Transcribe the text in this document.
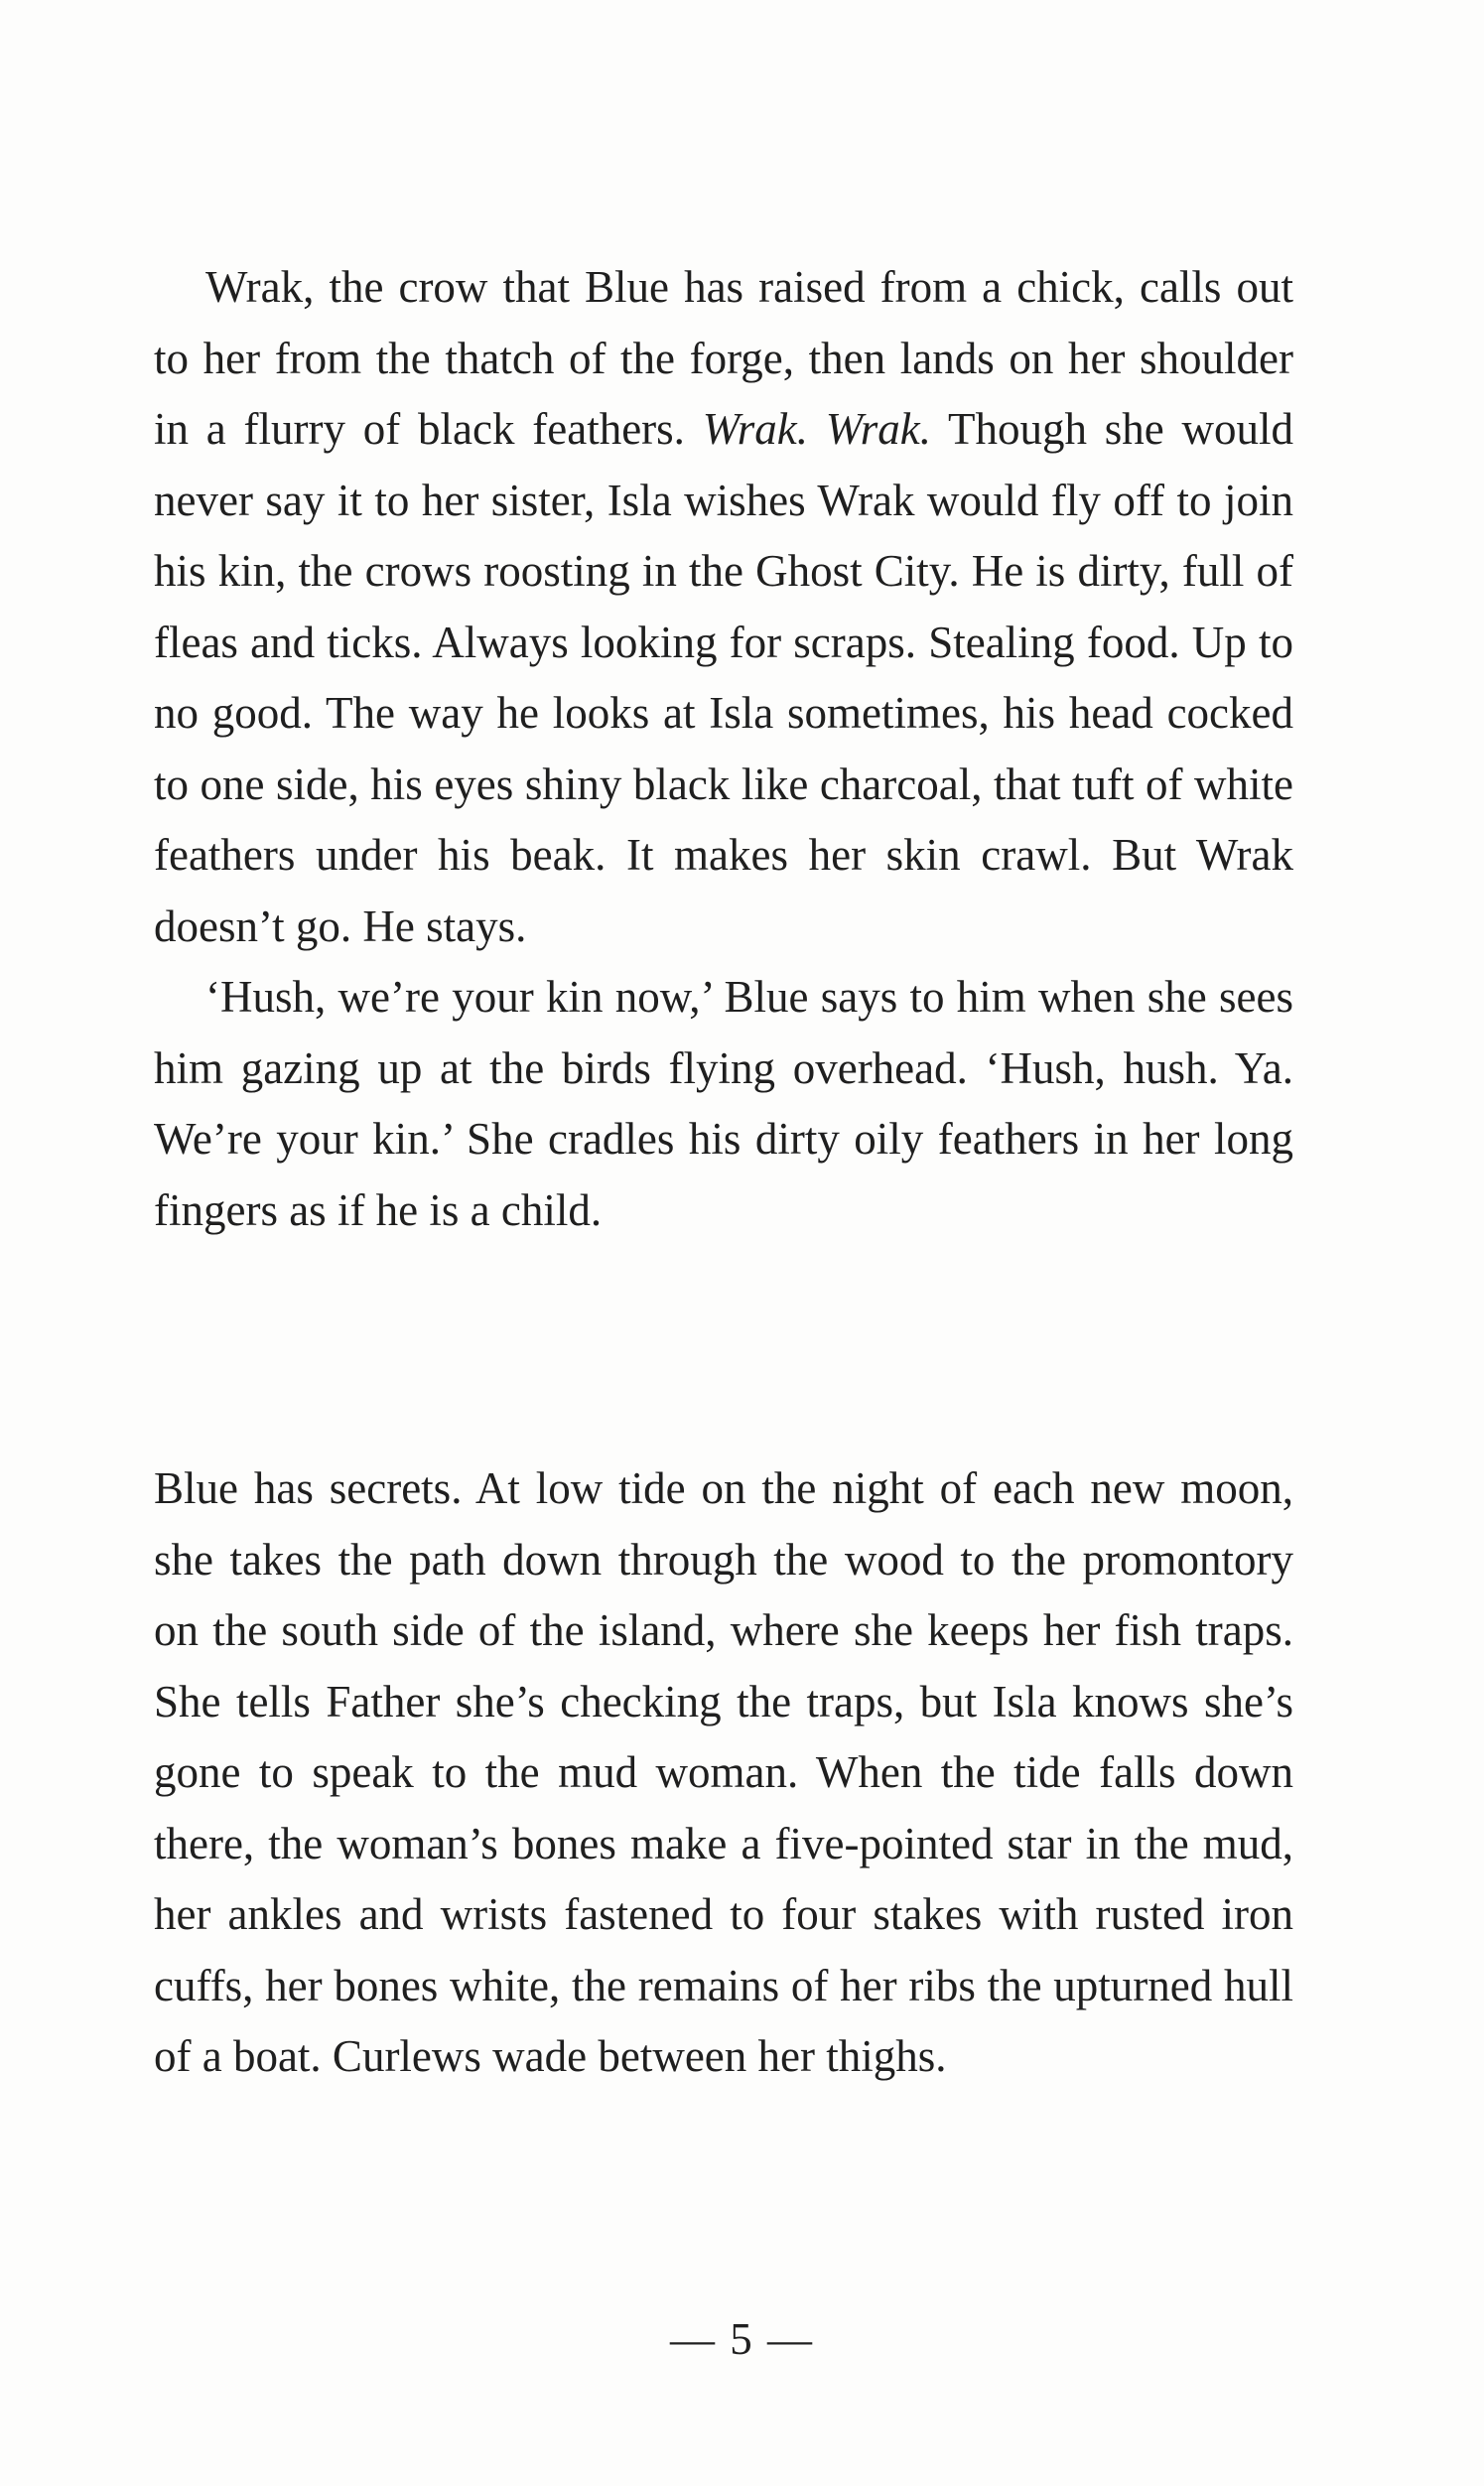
Wrak, the crow that Blue has raised from a chick, calls out to her from the thatch of the forge, then lands on her shoulder in a flurry of black feathers. Wrak. Wrak. Though she would never say it to her sister, Isla wishes Wrak would fly off to join his kin, the crows roosting in the Ghost City. He is dirty, full of fleas and ticks. Always looking for scraps. Stealing food. Up to no good. The way he looks at Isla sometimes, his head cocked to one side, his eyes shiny black like charcoal, that tuft of white feathers under his beak. It makes her skin crawl. But Wrak doesn’t go. He stays.

‘Hush, we’re your kin now,’ Blue says to him when she sees him gazing up at the birds flying overhead. ‘Hush, hush. Ya. We’re your kin.’ She cradles his dirty oily feathers in her long fingers as if he is a child.

Blue has secrets. At low tide on the night of each new moon, she takes the path down through the wood to the promontory on the south side of the island, where she keeps her fish traps. She tells Father she’s checking the traps, but Isla knows she’s gone to speak to the mud woman. When the tide falls down there, the woman’s bones make a five-pointed star in the mud, her ankles and wrists fastened to four stakes with rusted iron cuffs, her bones white, the remains of her ribs the upturned hull of a boat. Curlews wade between her thighs.

— 5 —
